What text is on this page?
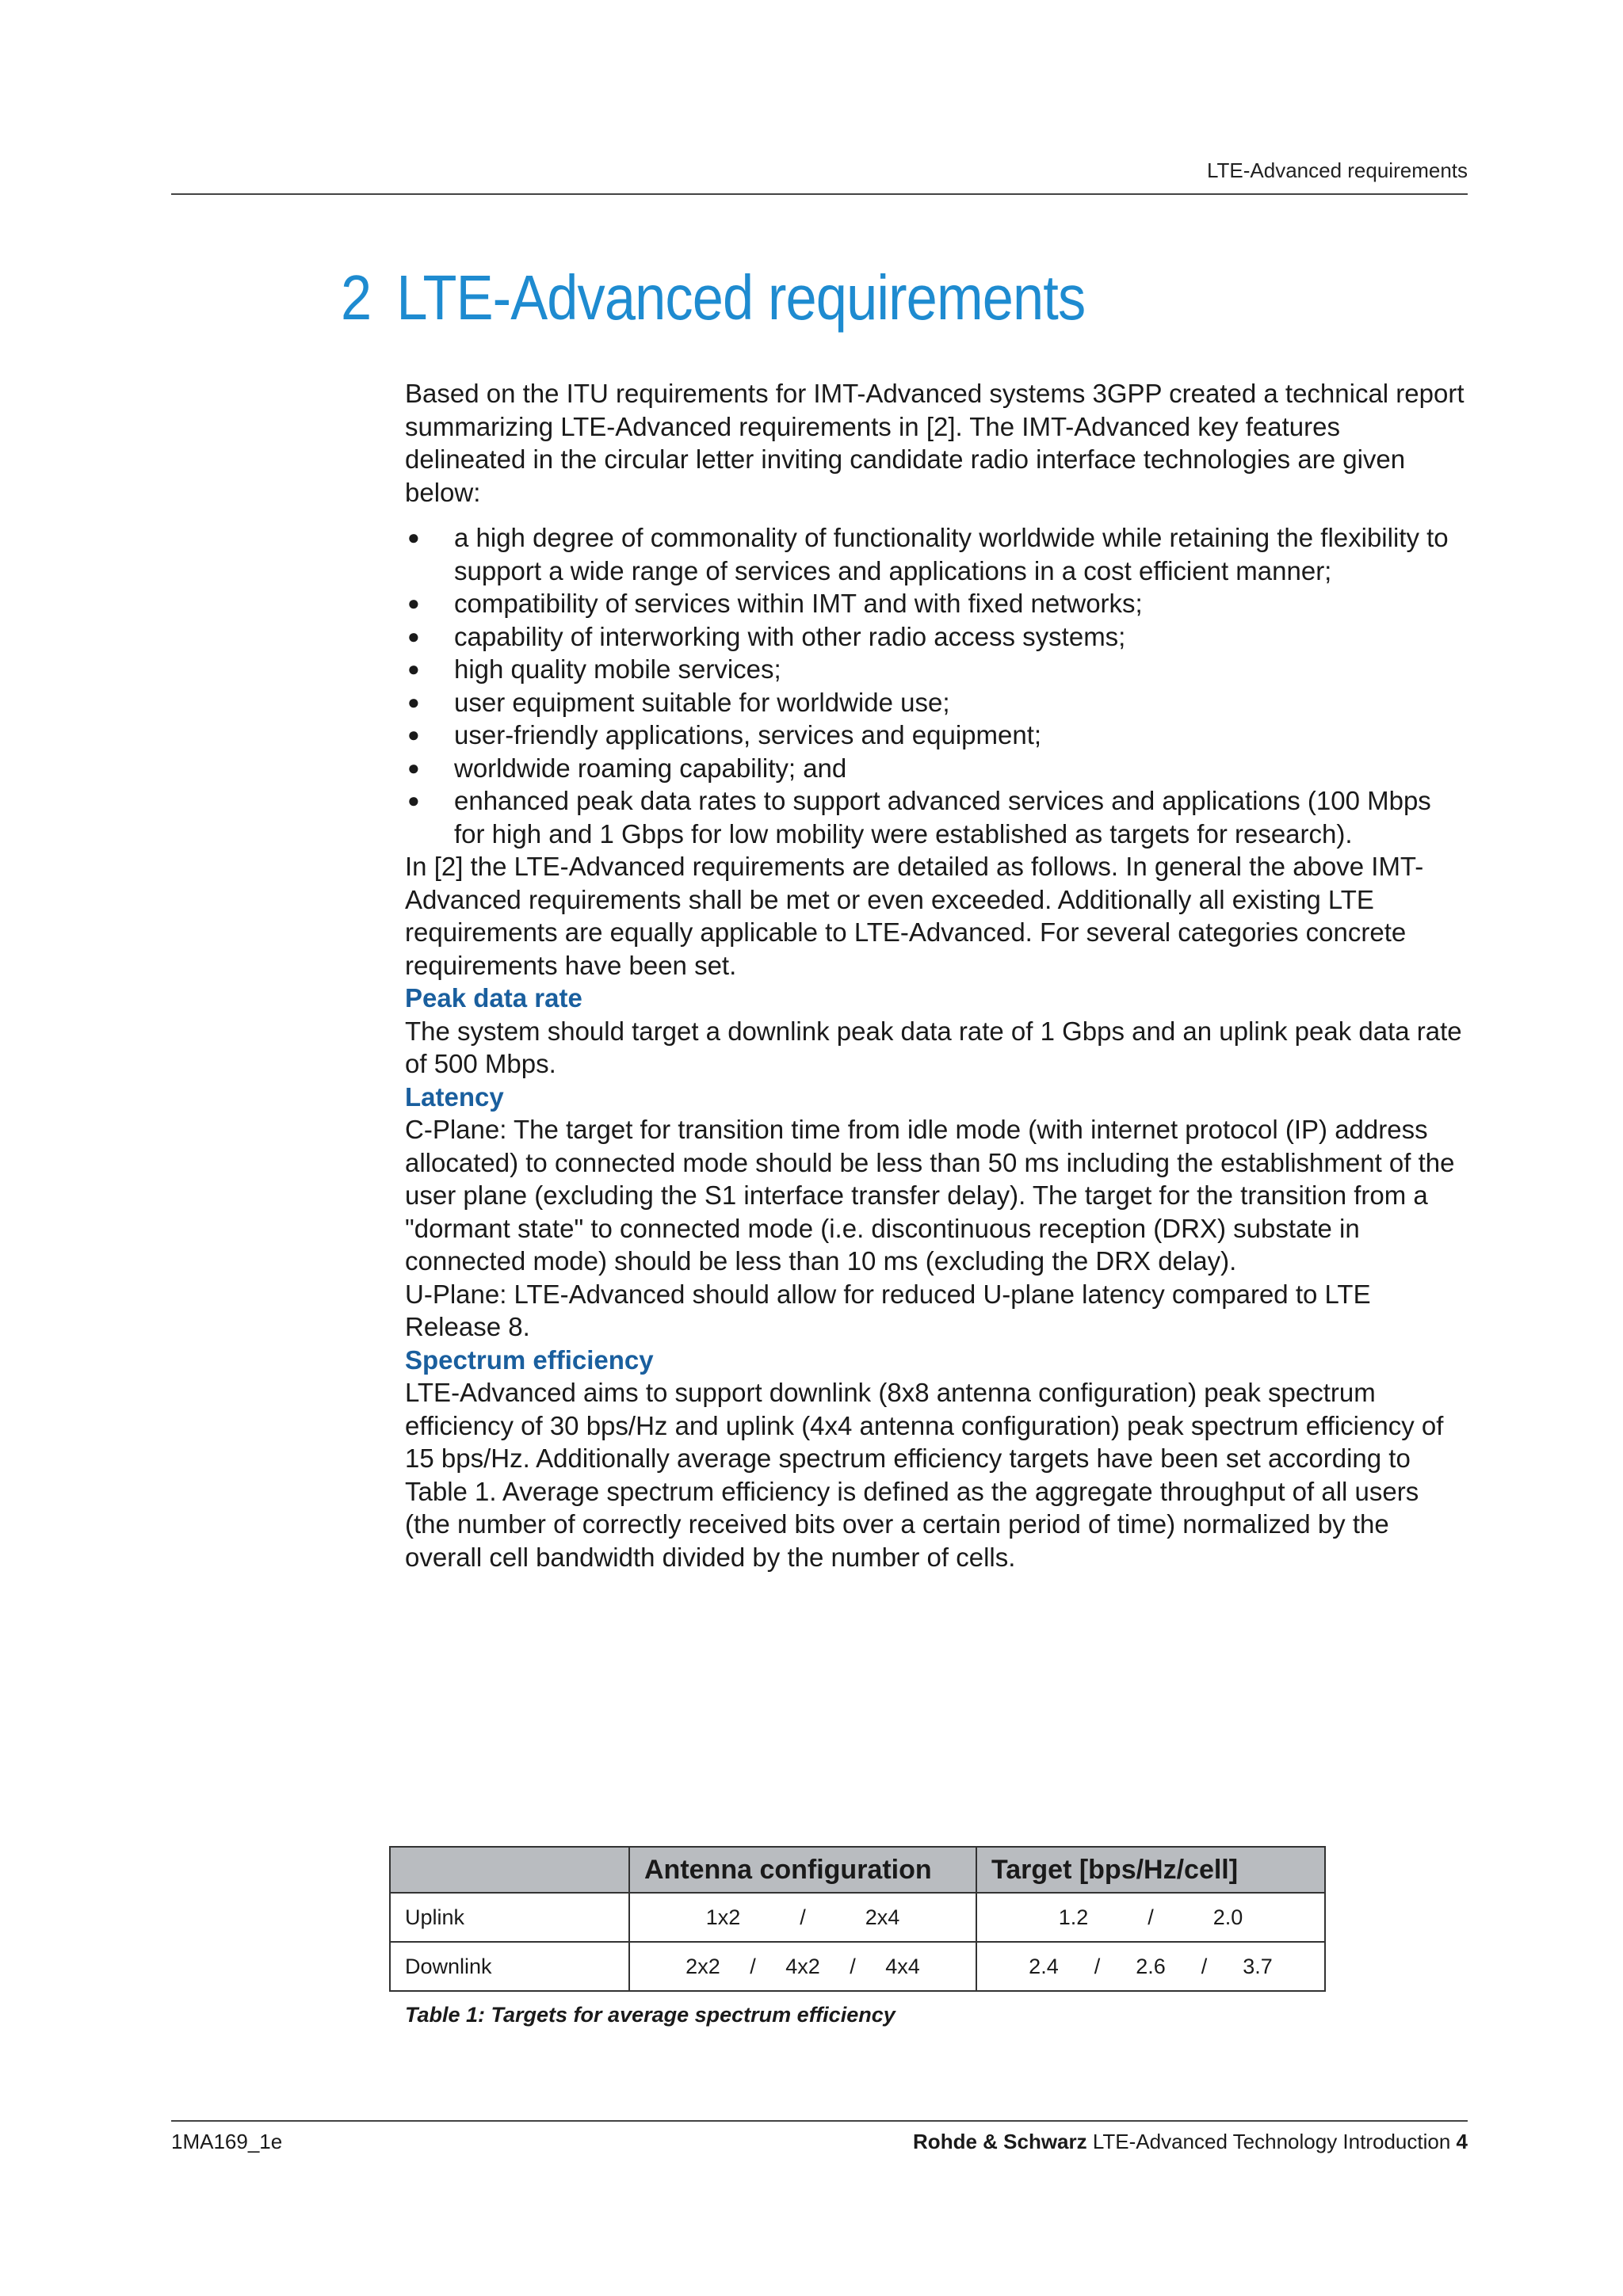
LTE-Advanced requirements
2 LTE-Advanced requirements

Based on the ITU requirements for IMT-Advanced systems 3GPP created a technical report summarizing LTE-Advanced requirements in [2]. The IMT-Advanced key features delineated in the circular letter inviting candidate radio interface technologies are given below:

● a high degree of commonality of functionality worldwide while retaining the flexibility to support a wide range of services and applications in a cost efficient manner;
● compatibility of services within IMT and with fixed networks;
● capability of interworking with other radio access systems;
● high quality mobile services;
● user equipment suitable for worldwide use;
● user-friendly applications, services and equipment;
● worldwide roaming capability; and
● enhanced peak data rates to support advanced services and applications (100 Mbps for high and 1 Gbps for low mobility were established as targets for research).

In [2] the LTE-Advanced requirements are detailed as follows. In general the above IMT-Advanced requirements shall be met or even exceeded. Additionally all existing LTE requirements are equally applicable to LTE-Advanced. For several categories concrete requirements have been set.

Peak data rate

The system should target a downlink peak data rate of 1 Gbps and an uplink peak data rate of 500 Mbps.

Latency

C-Plane: The target for transition time from idle mode (with internet protocol (IP) address allocated) to connected mode should be less than 50 ms including the establishment of the user plane (excluding the S1 interface transfer delay). The target for the transition from a "dormant state" to connected mode (i.e. discontinuous reception (DRX) substate in connected mode) should be less than 10 ms (excluding the DRX delay).

U-Plane: LTE-Advanced should allow for reduced U-plane latency compared to LTE Release 8.

Spectrum efficiency

LTE-Advanced aims to support downlink (8x8 antenna configuration) peak spectrum efficiency of 30 bps/Hz and uplink (4x4 antenna configuration) peak spectrum efficiency of 15 bps/Hz. Additionally average spectrum efficiency targets have been set according to Table 1. Average spectrum efficiency is defined as the aggregate throughput of all users (the number of correctly received bits over a certain period of time) normalized by the overall cell bandwidth divided by the number of cells.

	Antenna configuration	Target [bps/Hz/cell]
Uplink	1x2          /          2x4	1.2          /          2.0
Downlink	2x2     /     4x2     /     4x4	2.4      /      2.6      /      3.7
Table 1: Targets for average spectrum efficiency
1MA169_1e	Rohde & Schwarz LTE-Advanced Technology Introduction 4
